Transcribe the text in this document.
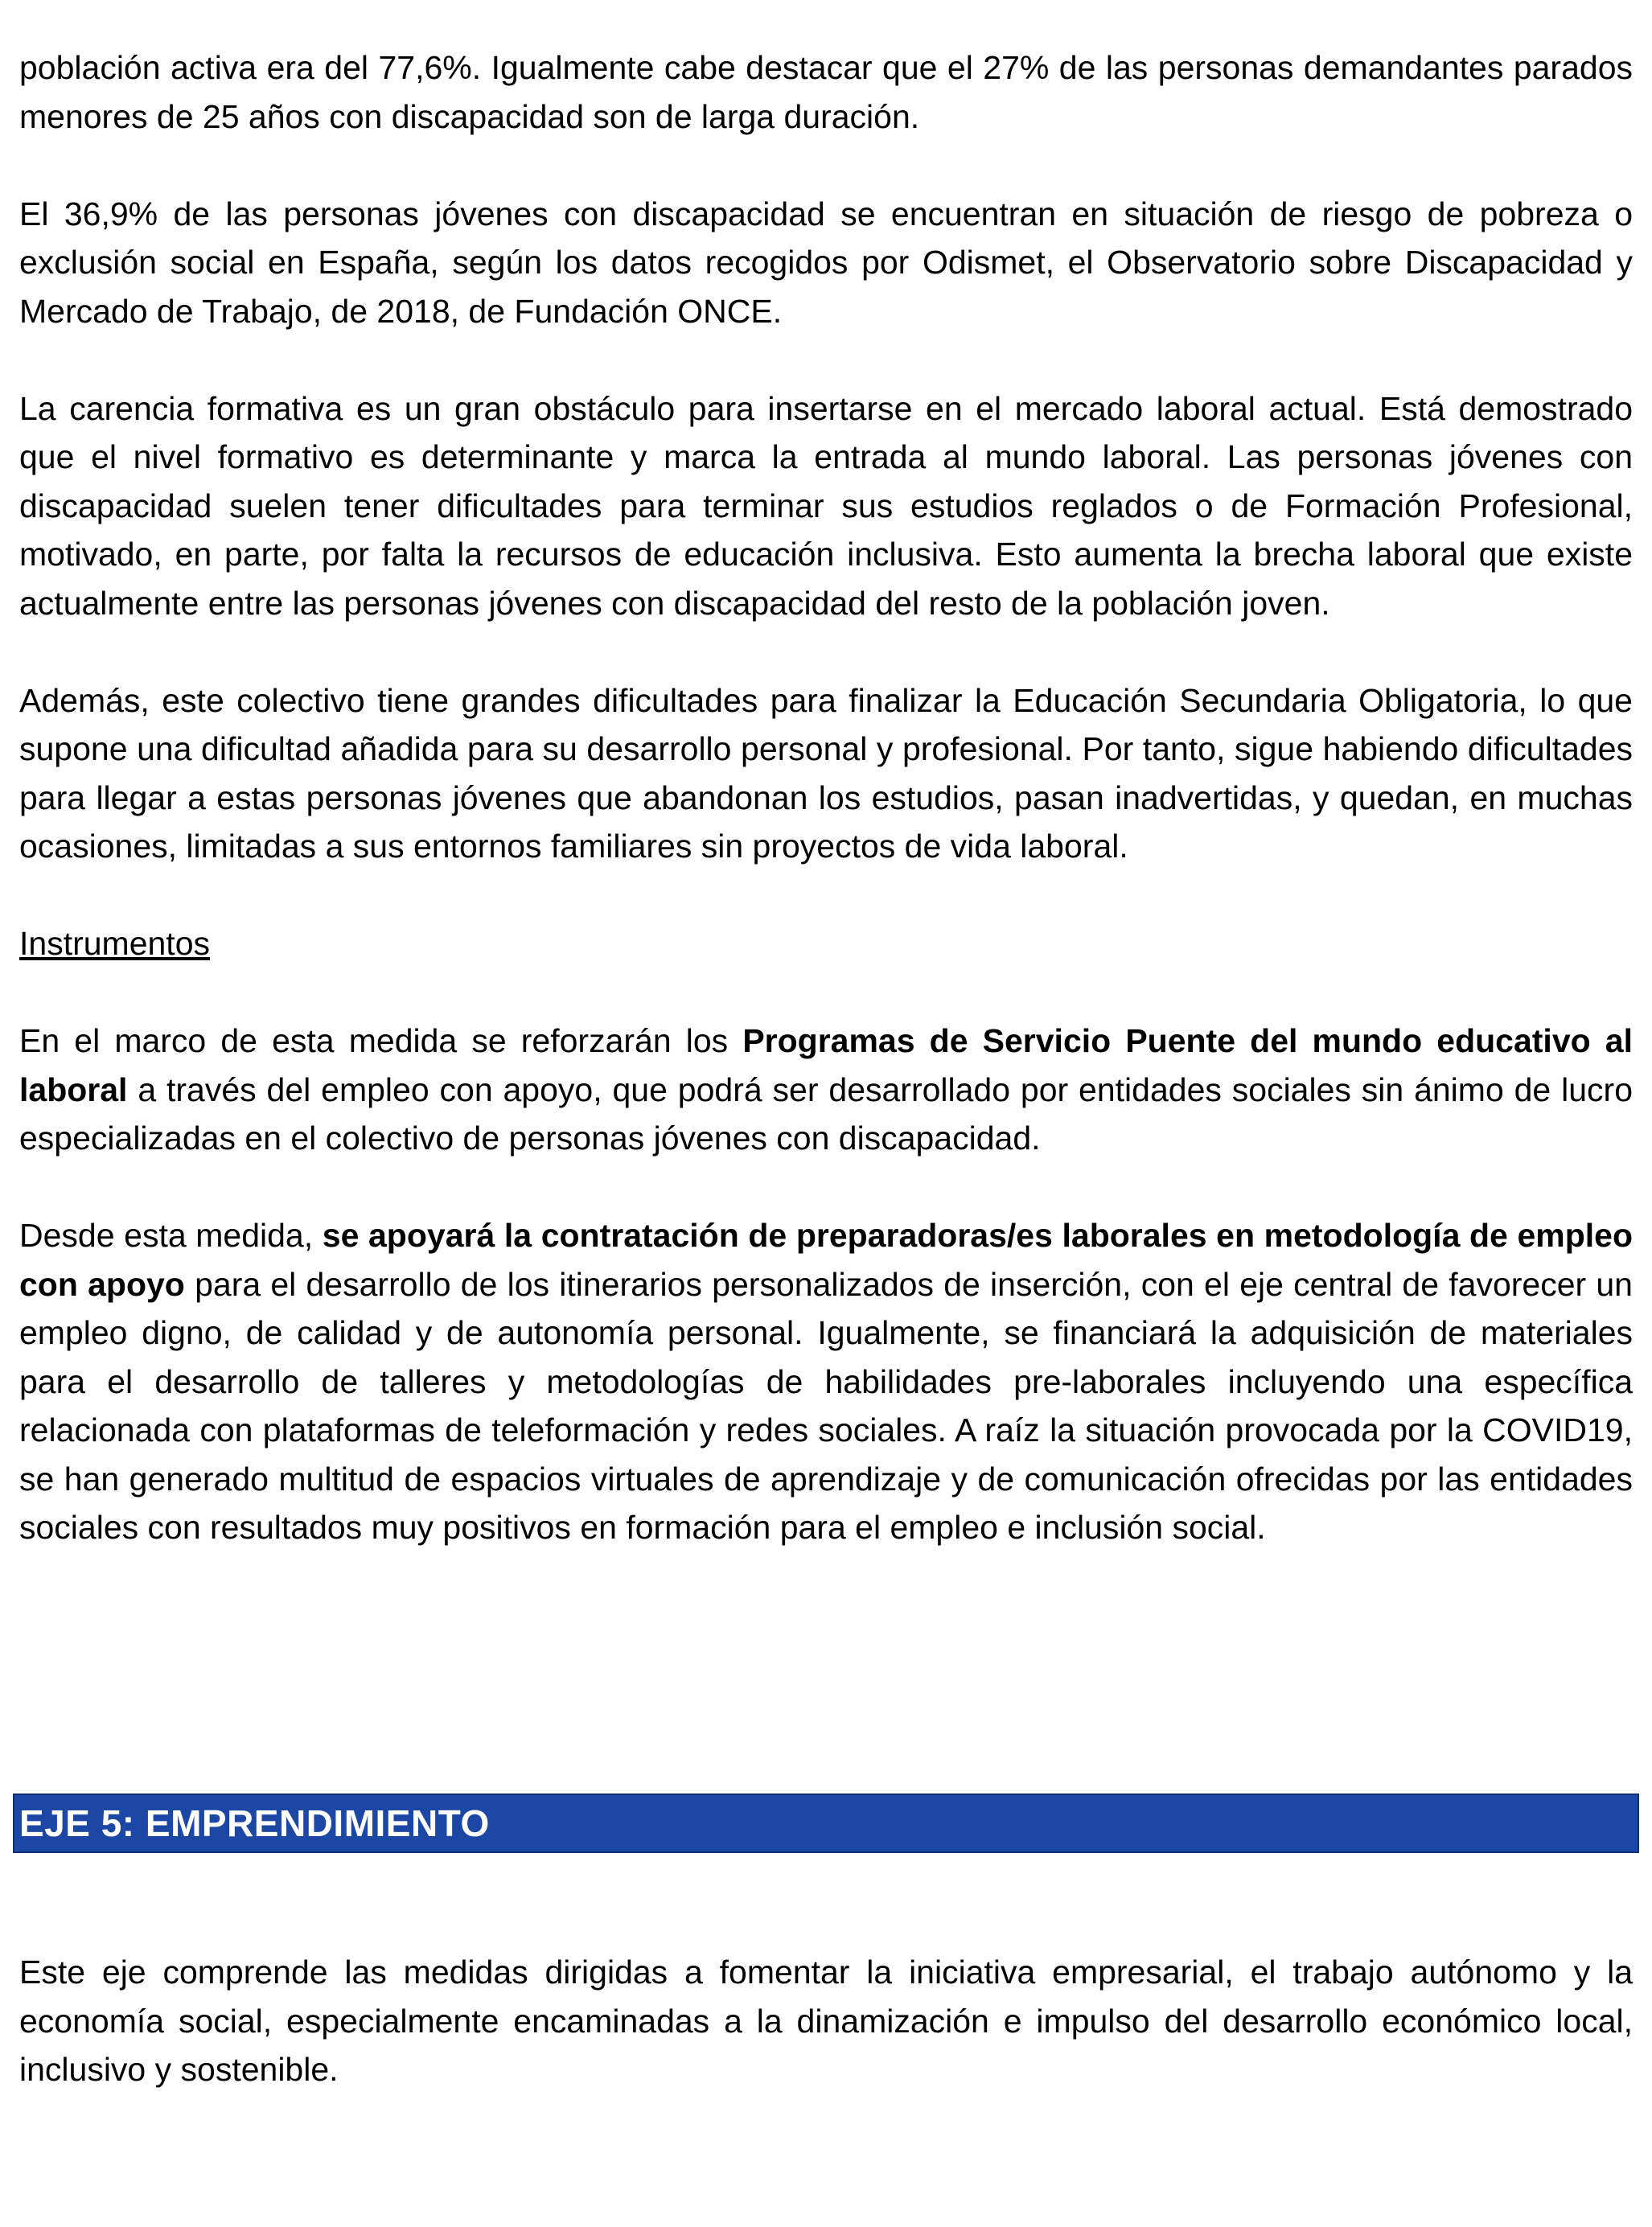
población activa era del 77,6%. Igualmente cabe destacar que el 27% de las personas demandantes parados menores de 25 años con discapacidad son de larga duración.

El 36,9% de las personas jóvenes con discapacidad se encuentran en situación de riesgo de pobreza o exclusión social en España, según los datos recogidos por Odismet, el Observatorio sobre Discapacidad y Mercado de Trabajo, de 2018, de Fundación ONCE.

La carencia formativa es un gran obstáculo para insertarse en el mercado laboral actual. Está demostrado que el nivel formativo es determinante y marca la entrada al mundo laboral. Las personas jóvenes con discapacidad suelen tener dificultades para terminar sus estudios reglados o de Formación Profesional, motivado, en parte, por falta la recursos de educación inclusiva. Esto aumenta la brecha laboral que existe actualmente entre las personas jóvenes con discapacidad del resto de la población joven.

Además, este colectivo tiene grandes dificultades para finalizar la Educación Secundaria Obligatoria, lo que supone una dificultad añadida para su desarrollo personal y profesional. Por tanto, sigue habiendo dificultades para llegar a estas personas jóvenes que abandonan los estudios, pasan inadvertidas, y quedan, en muchas ocasiones, limitadas a sus entornos familiares sin proyectos de vida laboral.

Instrumentos

En el marco de esta medida se reforzarán los Programas de Servicio Puente del mundo educativo al laboral a través del empleo con apoyo, que podrá ser desarrollado por entidades sociales sin ánimo de lucro especializadas en el colectivo de personas jóvenes con discapacidad.

Desde esta medida, se apoyará la contratación de preparadoras/es laborales en metodología de empleo con apoyo para el desarrollo de los itinerarios personalizados de inserción, con el eje central de favorecer un empleo digno, de calidad y de autonomía personal. Igualmente, se financiará la adquisición de materiales para el desarrollo de talleres y metodologías de habilidades pre-laborales incluyendo una específica relacionada con plataformas de teleformación y redes sociales. A raíz la situación provocada por la COVID19, se han generado multitud de espacios virtuales de aprendizaje y de comunicación ofrecidas por las entidades sociales con resultados muy positivos en formación para el empleo e inclusión social.

EJE 5: EMPRENDIMIENTO

Este eje comprende las medidas dirigidas a fomentar la iniciativa empresarial, el trabajo autónomo y la economía social, especialmente encaminadas a la dinamización e impulso del desarrollo económico local, inclusivo y sostenible.
